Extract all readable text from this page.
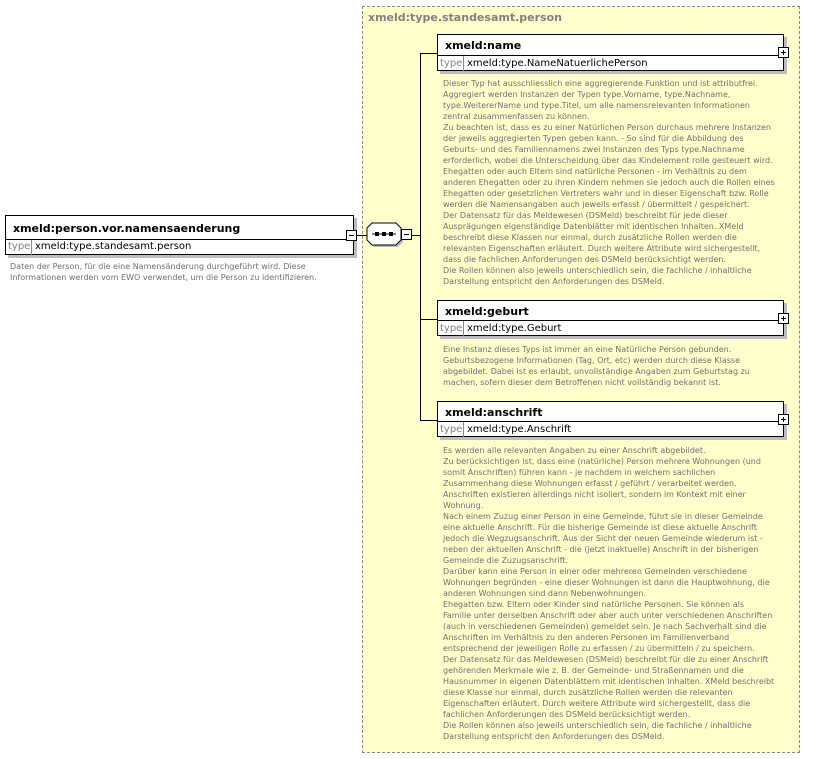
xmeld:type.standesamt.person
xmeld:person.vor.namensaenderung
type xmeld:type.standesamt.person
Daten der Person, für die eine Namensänderung durchgeführt wird. Diese
Informationen werden vom EWO verwendet, um die Person zu identifizieren.
xmeld:name
type xmeld:type.NameNatuerlichePerson
Dieser Typ hat ausschliesslich eine aggregierende Funktion und ist attributfrei.
Aggregiert werden Instanzen der Typen type.Vorname, type.Nachname,
type.WeitererName und type.Titel, um alle namensrelevanten Informationen
zentral zusammenfassen zu können.
Zu beachten ist, dass es zu einer Natürlichen Person durchaus mehrere Instanzen
der jeweils aggregierten Typen geben kann. - So sind für die Abbildung des
Geburts- und des Familiennamens zwei Instanzen des Typs type.Nachname
erforderlich, wobei die Unterscheidung über das Kindelement rolle gesteuert wird.
Ehegatten oder auch Eltern sind natürliche Personen - im Verhältnis zu dem
anderen Ehegatten oder zu ihren Kindern nehmen sie jedoch auch die Rollen eines
Ehegatten oder gesetzlichen Vertreters wahr und in dieser Eigenschaft bzw. Rolle
werden die Namensangaben auch jeweils erfasst / übermittelt / gespeichert.
Der Datensatz für das Meldewesen (DSMeld) beschreibt für jede dieser
Ausprägungen eigenständige Datenblätter mit identischen Inhalten. XMeld
beschreibt diese Klassen nur einmal, durch zusätzliche Rollen werden die
relevanten Eigenschaften erläutert. Durch weitere Attribute wird sichergestellt,
dass die fachlichen Anforderungen des DSMeld berücksichtigt werden.
Die Rollen können also jeweils unterschiedlich sein, die fachliche / inhaltliche
Darstellung entspricht den Anforderungen des DSMeld.
xmeld:geburt
type xmeld:type.Geburt
Eine Instanz dieses Typs ist immer an eine Natürliche Person gebunden.
Geburtsbezogene Informationen (Tag, Ort, etc) werden durch diese Klasse
abgebildet. Dabei ist es erlaubt, unvollständige Angaben zum Geburtstag zu
machen, sofern dieser dem Betroffenen nicht vollständig bekannt ist.
xmeld:anschrift
type xmeld:type.Anschrift
Es werden alle relevanten Angaben zu einer Anschrift abgebildet.
Zu berücksichtigen ist, dass eine (natürliche) Person mehrere Wohnungen (und
somit Anschriften) führen kann - je nachdem in welchem sachlichen
Zusammenhang diese Wohnungen erfasst / geführt / verarbeitet werden.
Anschriften existieren allerdings nicht isoliert, sondern im Kontext mit einer
Wohnung.
Nach einem Zuzug einer Person in eine Gemeinde, führt sie in dieser Gemeinde
eine aktuelle Anschrift. Für die bisherige Gemeinde ist diese aktuelle Anschrift
jedoch die Wegzugsanschrift. Aus der Sicht der neuen Gemeinde wiederum ist -
neben der aktuellen Anschrift - die (jetzt inaktuelle) Anschrift in der bisherigen
Gemeinde die Zuzugsanschrift.
Darüber kann eine Person in einer oder mehreren Gemeinden verschiedene
Wohnungen begründen - eine dieser Wohnungen ist dann die Hauptwohnung, die
anderen Wohnungen sind dann Nebenwohnungen.
Ehegatten bzw. Eltern oder Kinder sind natürliche Personen. Sie können als
Familie unter derselben Anschrift oder aber auch unter verschiedenen Anschriften
(auch in verschiedenen Gemeinden) gemeldet sein. Je nach Sachverhalt sind die
Anschriften im Verhältnis zu den anderen Personen im Familienverband
entsprechend der jeweiligen Rolle zu erfassen / zu übermitteln / zu speichern.
Der Datensatz für das Meldewesen (DSMeld) beschreibt für die zu einer Anschrift
gehörenden Merkmale wie z. B. der Gemeinde- und Straßennamen und die
Hausnummer in eigenen Datenblättern mit identischen Inhalten. XMeld beschreibt
diese Klasse nur einmal, durch zusätzliche Rollen werden die relevanten
Eigenschaften erläutert. Durch weitere Attribute wird sichergestellt, dass die
fachlichen Anforderungen des DSMeld berücksichtigt werden.
Die Rollen können also jeweils unterschiedlich sein, die fachliche / inhaltliche
Darstellung entspricht den Anforderungen des DSMeld.
